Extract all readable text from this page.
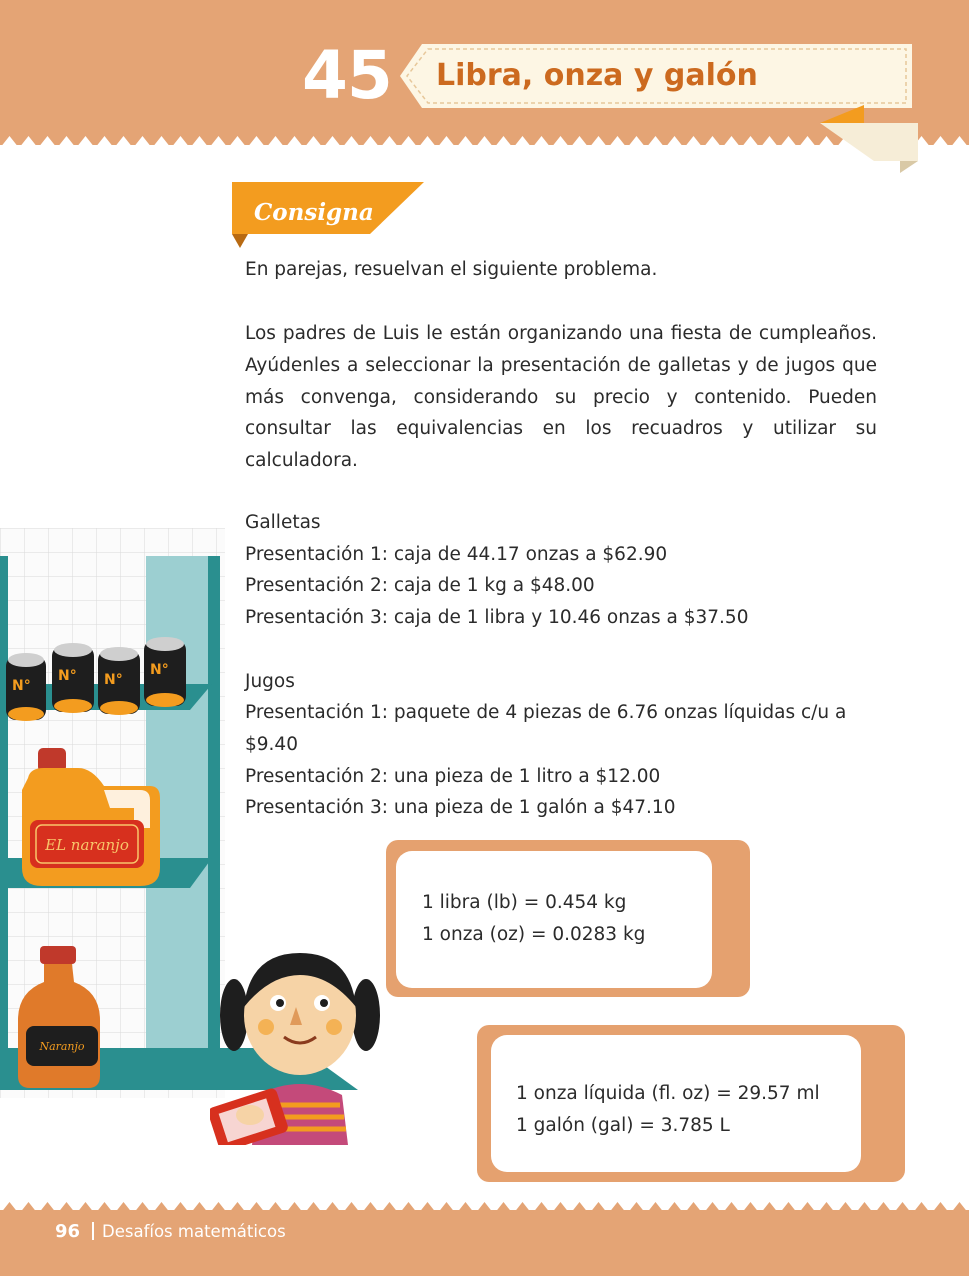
45 Libra, onza y galón
Consigna

En parejas, resuelvan el siguiente problema.

Los padres de Luis le están organizando una fiesta de cumpleaños. Ayúdenles a seleccionar la presentación de galletas y de jugos que más convenga, considerando su precio y contenido. Pueden consultar las equivalencias en los recuadros y utilizar su calculadora.

Galletas
Presentación 1: caja de 44.17 onzas a $62.90
Presentación 2: caja de 1 kg a $48.00
Presentación 3: caja de 1 libra y 10.46 onzas a $37.50
Jugos
Presentación 1: paquete de 4 piezas de 6.76 onzas líquidas c/u a
$9.40
Presentación 2: una pieza de 1 litro a $12.00
Presentación 3: una pieza de 1 galón a $47.10
1 libra (lb) = 0.454 kg
1 onza (oz) = 0.0283 kg
1 onza líquida (fl. oz) = 29.57 ml
1 galón (gal) = 3.785 L
N°
N° N°
N°
EL naranjo
Naranjo
96 Desafíos matemáticos
